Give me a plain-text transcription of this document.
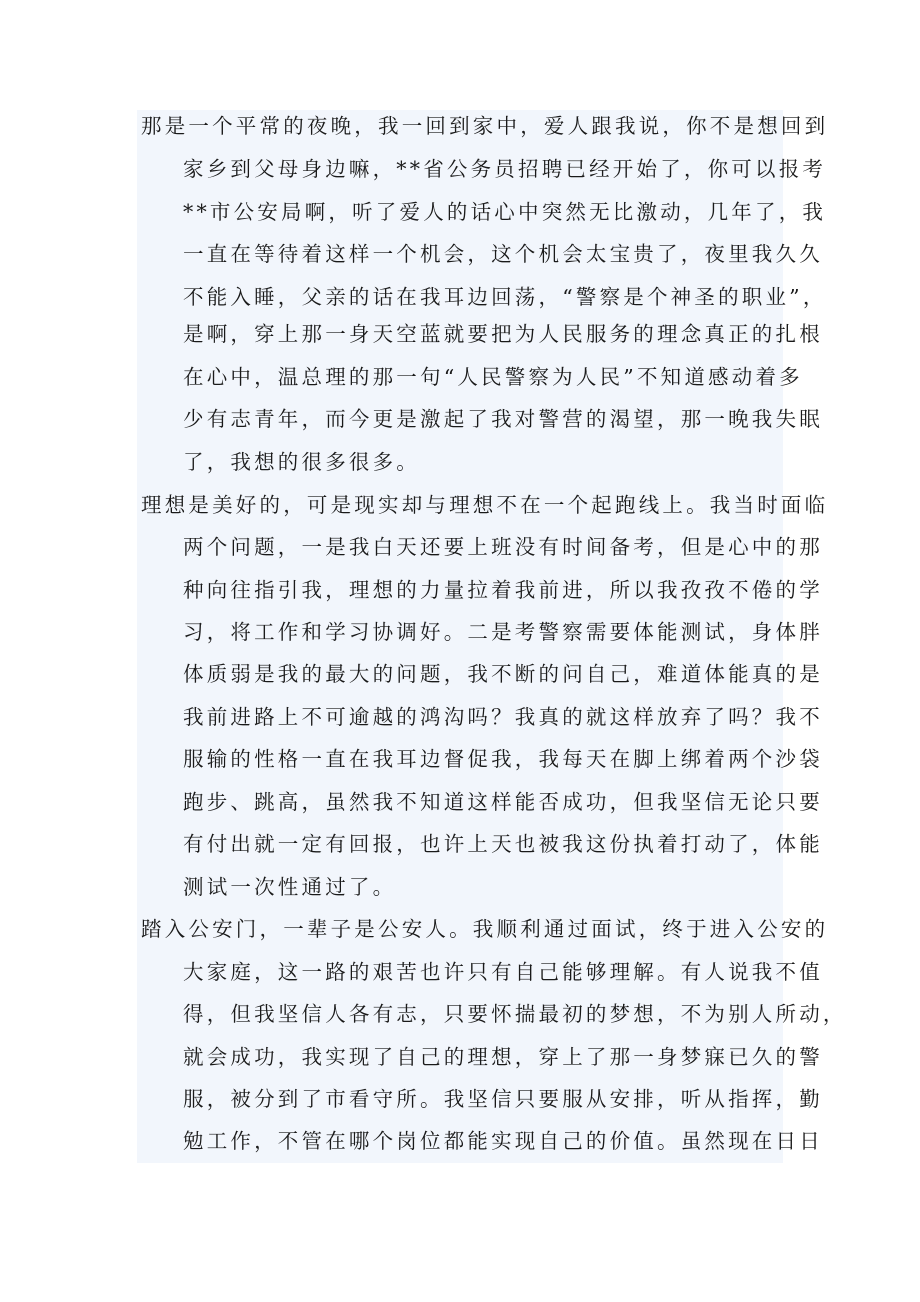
那是一个平常的夜晚，我一回到家中，爱人跟我说，你不是想回到
家乡到父母身边嘛，**省公务员招聘已经开始了，你可以报考
**市公安局啊，听了爱人的话心中突然无比激动，几年了，我
一直在等待着这样一个机会，这个机会太宝贵了，夜里我久久
不能入睡，父亲的话在我耳边回荡，“警察是个神圣的职业”，
是啊，穿上那一身天空蓝就要把为人民服务的理念真正的扎根
在心中，温总理的那一句“人民警察为人民”不知道感动着多
少有志青年，而今更是激起了我对警营的渴望，那一晚我失眠
了，我想的很多很多。
理想是美好的，可是现实却与理想不在一个起跑线上。我当时面临
两个问题，一是我白天还要上班没有时间备考，但是心中的那
种向往指引我，理想的力量拉着我前进，所以我孜孜不倦的学
习，将工作和学习协调好。二是考警察需要体能测试，身体胖
体质弱是我的最大的问题，我不断的问自己，难道体能真的是
我前进路上不可逾越的鸿沟吗？我真的就这样放弃了吗？我不
服输的性格一直在我耳边督促我，我每天在脚上绑着两个沙袋
跑步、跳高，虽然我不知道这样能否成功，但我坚信无论只要
有付出就一定有回报，也许上天也被我这份执着打动了，体能
测试一次性通过了。
踏入公安门，一辈子是公安人。我顺利通过面试，终于进入公安的
大家庭，这一路的艰苦也许只有自己能够理解。有人说我不值
得，但我坚信人各有志，只要怀揣最初的梦想，不为别人所动，
就会成功，我实现了自己的理想，穿上了那一身梦寐已久的警
服，被分到了市看守所。我坚信只要服从安排，听从指挥，勤
勉工作，不管在哪个岗位都能实现自己的价值。虽然现在日日
